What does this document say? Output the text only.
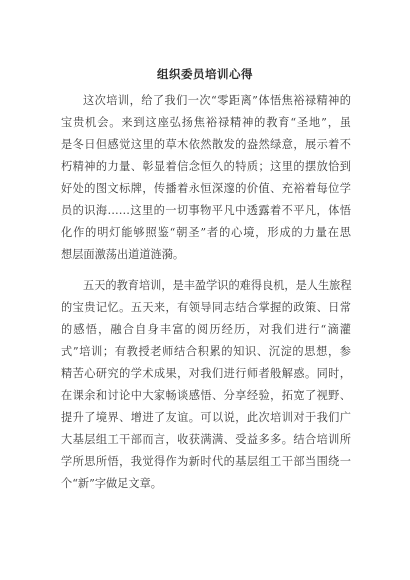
组织委员培训心得
这次培训，给了我们一次“零距离”体悟焦裕禄精神的
宝贵机会。来到这座弘扬焦裕禄精神的教育“圣地”，虽
是冬日但感觉这里的草木依然散发的盎然绿意，展示着不
朽精神的力量、彰显着信念恒久的特质；这里的摆放恰到
好处的图文标牌，传播着永恒深邃的价值、充裕着每位学
员的识海……这里的一切事物平凡中透露着不平凡，体悟
化作的明灯能够照鉴“朝圣”者的心境，形成的力量在思
想层面激荡出道道涟漪。
五天的教育培训，是丰盈学识的难得良机，是人生旅程
的宝贵记忆。五天来，有领导同志结合掌握的政策、日常
的感悟，融合自身丰富的阅历经历，对我们进行“滴灌
式”培训；有教授老师结合积累的知识、沉淀的思想，参
精苦心研究的学术成果，对我们进行师者般解惑。同时，
在课余和讨论中大家畅谈感悟、分享经验，拓宽了视野、
提升了境界、增进了友谊。可以说，此次培训对于我们广
大基层组工干部而言，收获满满、受益多多。结合培训所
学所思所悟，我觉得作为新时代的基层组工干部当围绕一
个“新”字做足文章。
